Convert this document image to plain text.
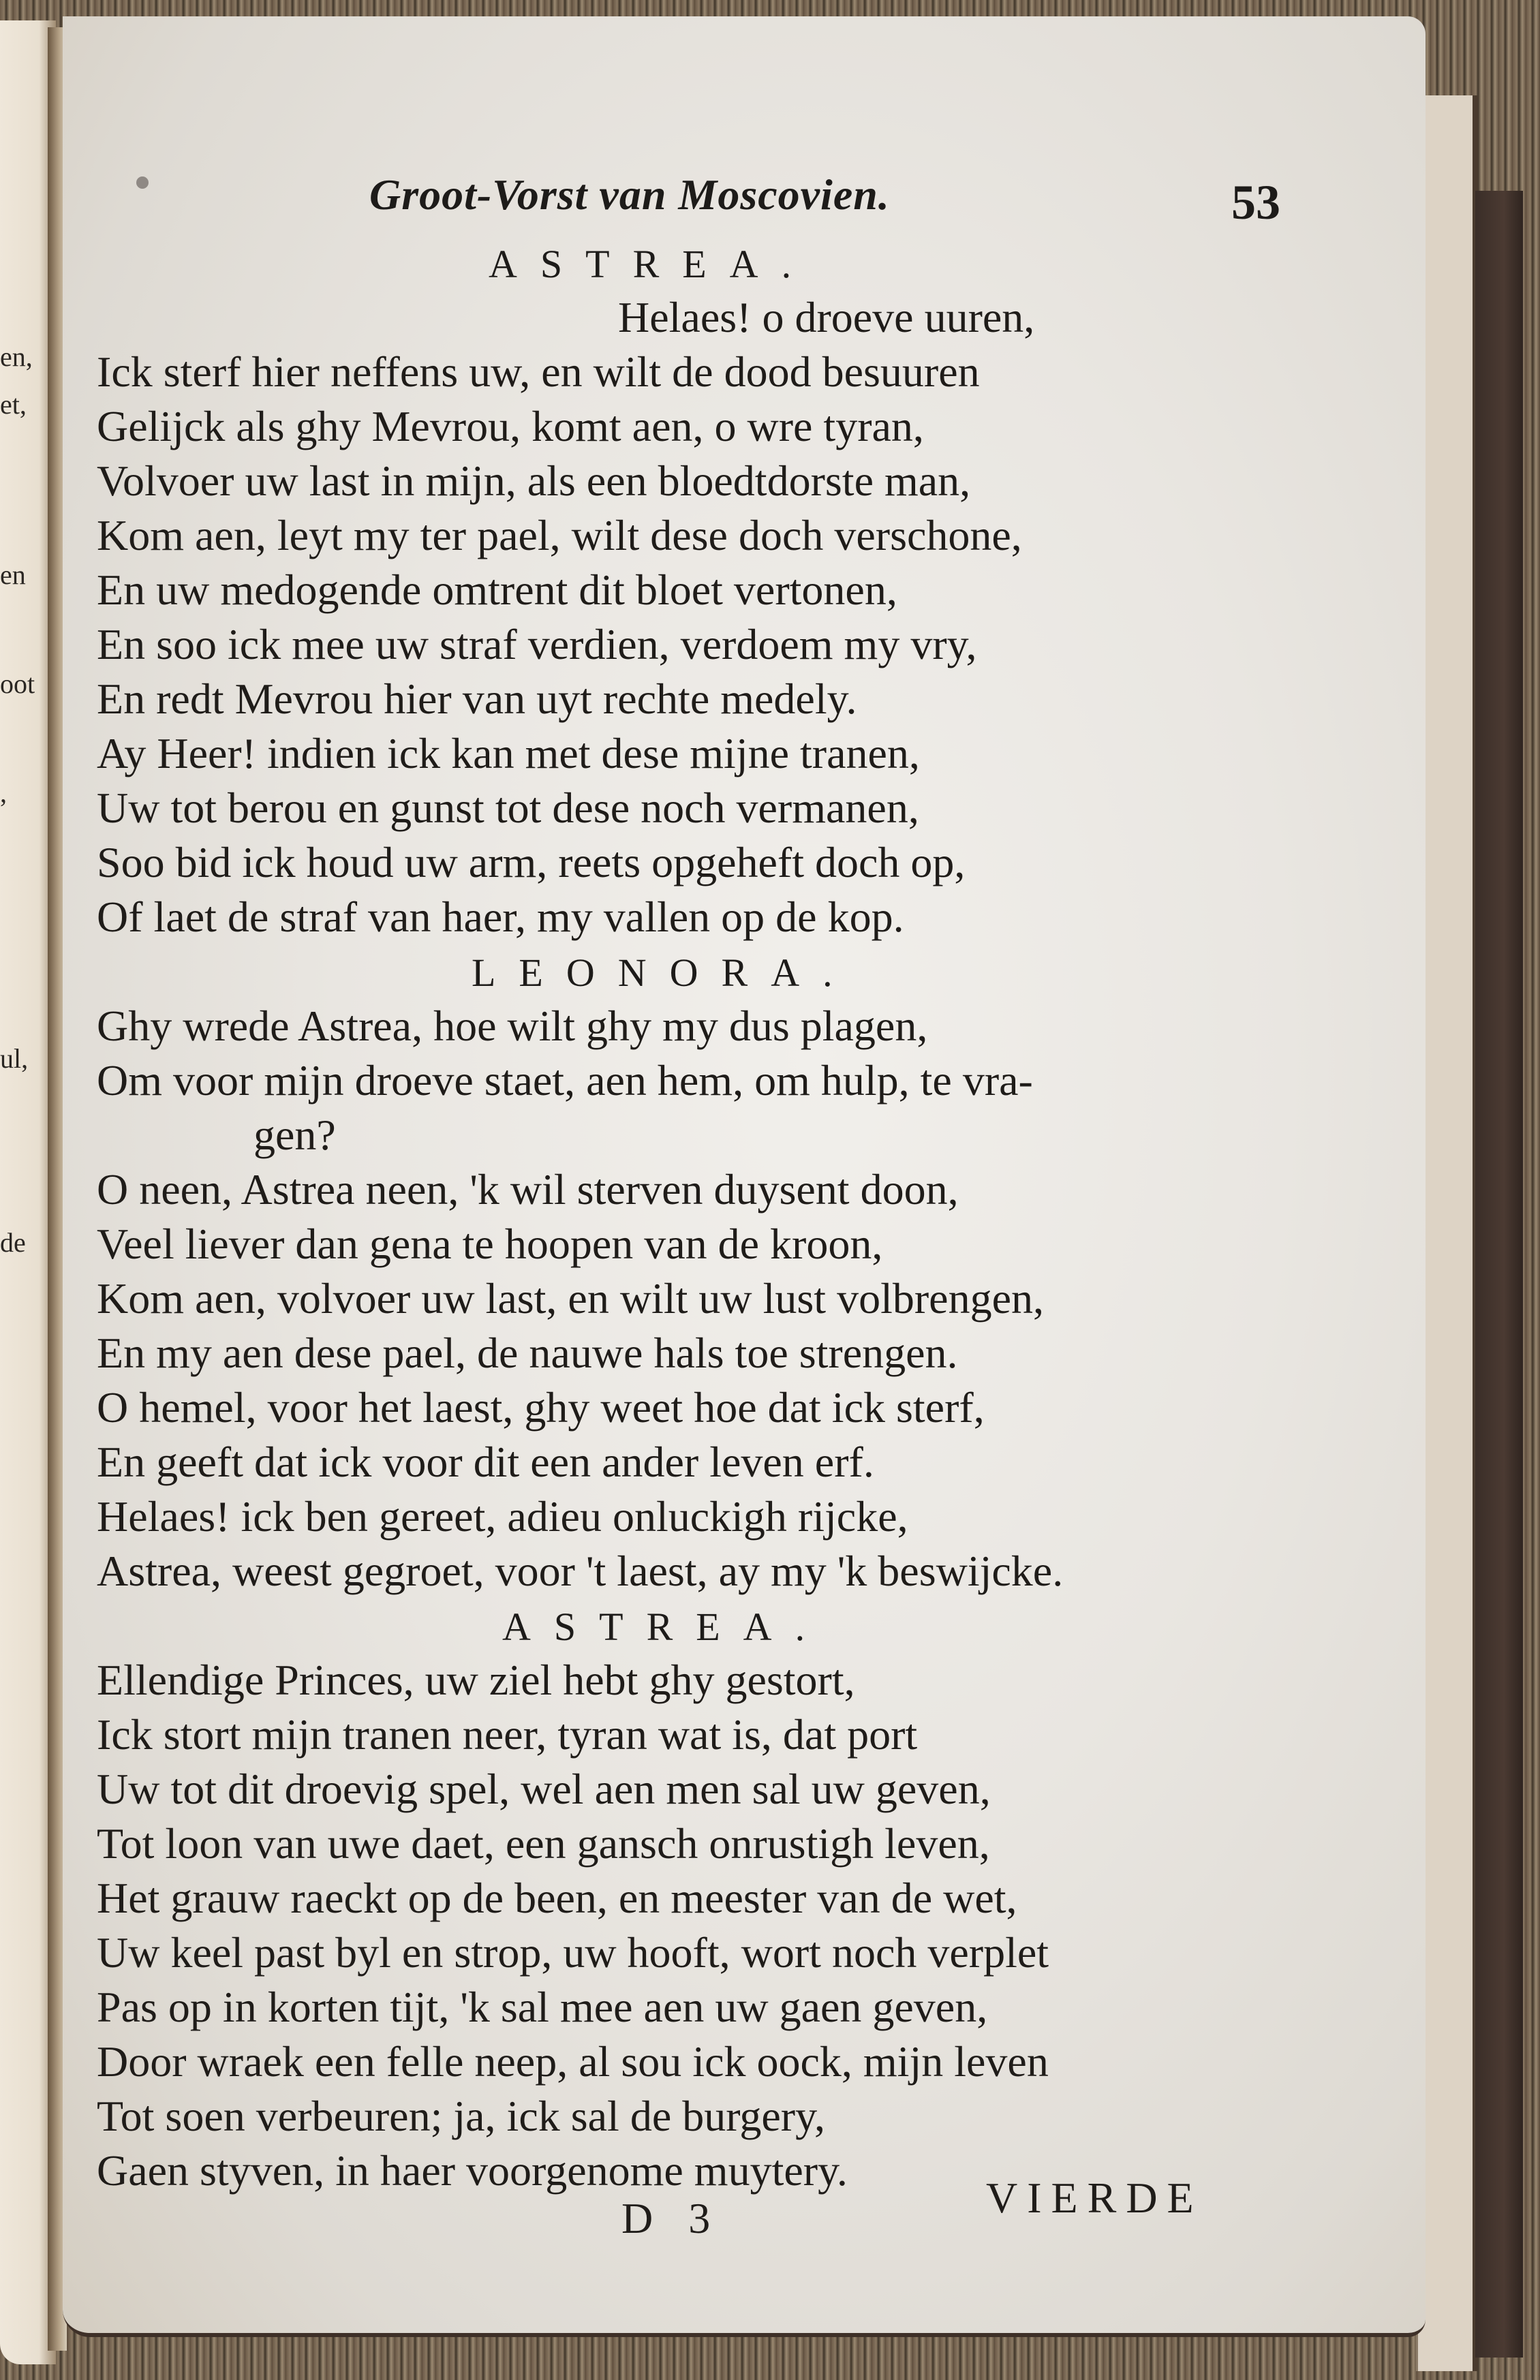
en,
et,
en
oot
,
ul,
de
Groot-Vorst van Moscovien.	53
ASTREA.
Helaes! o droeve uuren,
Ick sterf hier neffens uw, en wilt de dood besuuren
Gelijck als ghy Mevrou, komt aen, o wre tyran,
Volvoer uw last in mijn, als een bloedtdorste man,
Kom aen, leyt my ter pael, wilt dese doch verschone,
En uw medogende omtrent dit bloet vertonen,
En soo ick mee uw straf verdien, verdoem my vry,
En redt Mevrou hier van uyt rechte medely.
Ay Heer! indien ick kan met dese mijne tranen,
Uw tot berou en gunst tot dese noch vermanen,
Soo bid ick houd uw arm, reets opgeheft doch op,
Of laet de straf van haer, my vallen op de kop.
LEONORA.
Ghy wrede Astrea, hoe wilt ghy my dus plagen,
Om voor mijn droeve staet, aen hem, om hulp, te vra-
gen?
O neen, Astrea neen, 'k wil sterven duysent doon,
Veel liever dan gena te hoopen van de kroon,
Kom aen, volvoer uw last, en wilt uw lust volbrengen,
En my aen dese pael, de nauwe hals toe strengen.
O hemel, voor het laest, ghy weet hoe dat ick sterf,
En geeft dat ick voor dit een ander leven erf.
Helaes! ick ben gereet, adieu onluckigh rijcke,
Astrea, weest gegroet, voor 't laest, ay my 'k beswijcke.
ASTREA.
Ellendige Princes, uw ziel hebt ghy gestort,
Ick stort mijn tranen neer, tyran wat is, dat port
Uw tot dit droevig spel, wel aen men sal uw geven,
Tot loon van uwe daet, een gansch onrustigh leven,
Het grauw raeckt op de been, en meester van de wet,
Uw keel past byl en strop, uw hooft, wort noch verplet
Pas op in korten tijt, 'k sal mee aen uw gaen geven,
Door wraek een felle neep, al sou ick oock, mijn leven
Tot soen verbeuren; ja, ick sal de burgery,
Gaen styven, in haer voorgenome muytery.
D 3	VIERDE
